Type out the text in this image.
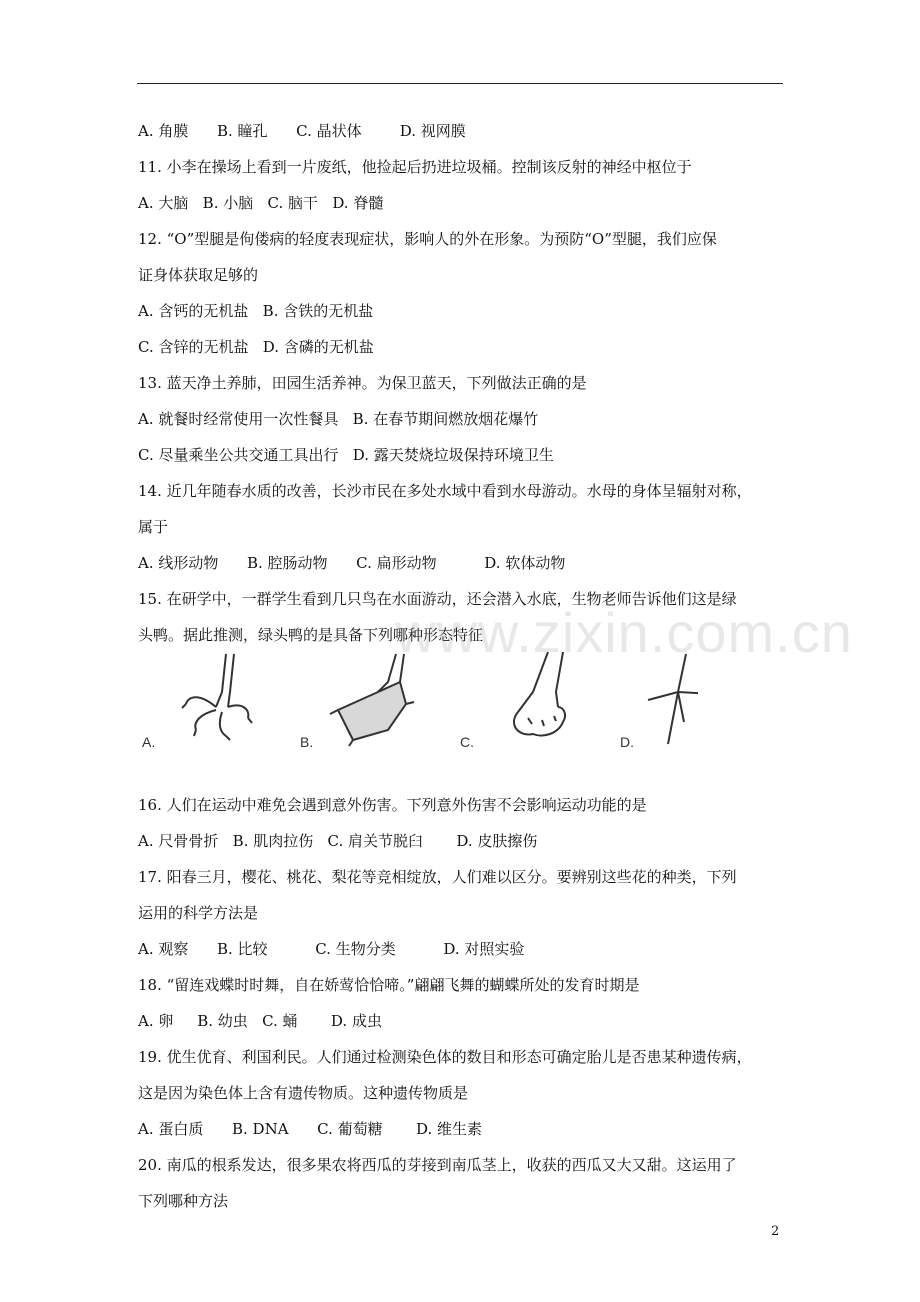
A. 角膜      B. 瞳孔      C. 晶状体        D. 视网膜
11. 小李在操场上看到一片废纸，他捡起后扔进垃圾桶。控制该反射的神经中枢位于
A. 大脑   B. 小脑   C. 脑干   D. 脊髓
12. “O”型腿是佝偻病的轻度表现症状，影响人的外在形象。为预防“O”型腿，我们应保
证身体获取足够的
A. 含钙的无机盐   B. 含铁的无机盐
C. 含锌的无机盐   D. 含磷的无机盐
13. 蓝天净土养肺，田园生活养神。为保卫蓝天，下列做法正确的是
A. 就餐时经常使用一次性餐具   B. 在春节期间燃放烟花爆竹
C. 尽量乘坐公共交通工具出行   D. 露天焚烧垃圾保持环境卫生
14. 近几年随春水质的改善，长沙市民在多处水域中看到水母游动。水母的身体呈辐射对称，
属于
A. 线形动物      B. 腔肠动物      C. 扁形动物          D. 软体动物
15. 在研学中，一群学生看到几只鸟在水面游动，还会潜入水底，生物老师告诉他们这是绿
头鸭。据此推测，绿头鸭的是具备下列哪种形态特征
16. 人们在运动中难免会遇到意外伤害。下列意外伤害不会影响运动功能的是
A. 尺骨骨折   B. 肌肉拉伤   C. 肩关节脱臼       D. 皮肤擦伤
17. 阳春三月，樱花、桃花、梨花等竞相绽放，人们难以区分。要辨别这些花的种类，下列
运用的科学方法是
A. 观察      B. 比较          C. 生物分类          D. 对照实验
18. “留连戏蝶时时舞，自在娇莺恰恰啼。”翩翩飞舞的蝴蝶所处的发育时期是
A. 卵     B. 幼虫   C. 蛹       D. 成虫
19. 优生优育、利国利民。人们通过检测染色体的数目和形态可确定胎儿是否患某种遗传病，
这是因为染色体上含有遗传物质。这种遗传物质是
A. 蛋白质      B. DNA      C. 葡萄糖       D. 维生素
20. 南瓜的根系发达，很多果农将西瓜的芽接到南瓜茎上，收获的西瓜又大又甜。这运用了
下列哪种方法
www.zixin.com.cn
A.	B.	C.	D.
2
